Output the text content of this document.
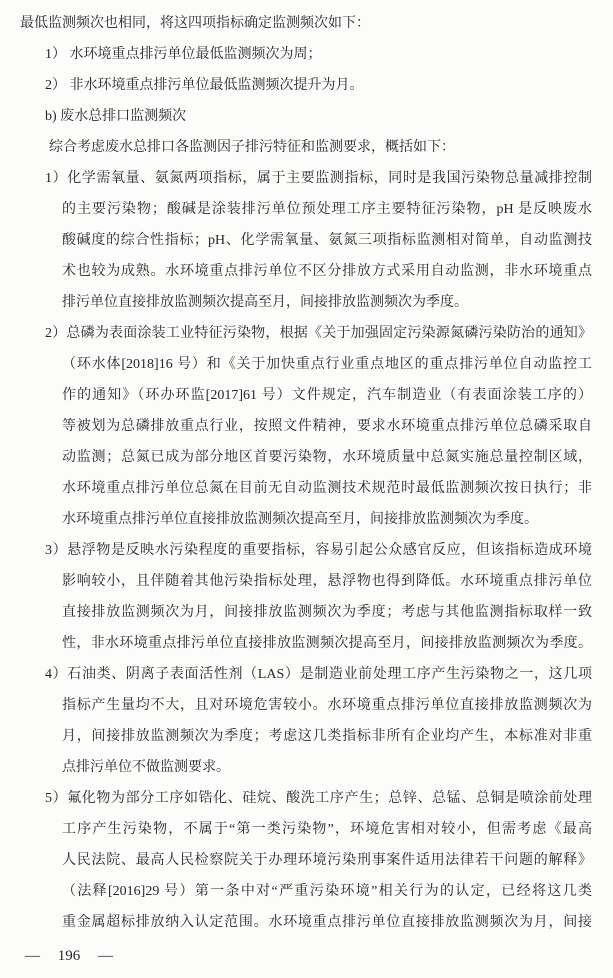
最低监测频次也相同，将这四项指标确定监测频次如下：
1） 水环境重点排污单位最低监测频次为周；
2） 非水环境重点排污单位最低监测频次提升为月。
b) 废水总排口监测频次
综合考虑废水总排口各监测因子排污特征和监测要求，概括如下：
1）化学需氧量、氨氮两项指标，属于主要监测指标，同时是我国污染物总量减排控制
的主要污染物；酸碱是涂装排污单位预处理工序主要特征污染物，pH 是反映废水
酸碱度的综合性指标；pH、化学需氧量、氨氮三项指标监测相对简单，自动监测技
术也较为成熟。水环境重点排污单位不区分排放方式采用自动监测，非水环境重点
排污单位直接排放监测频次提高至月，间接排放监测频次为季度。
2）总磷为表面涂装工业特征污染物，根据《关于加强固定污染源氮磷污染防治的通知》
（环水体[2018]16 号）和《关于加快重点行业重点地区的重点排污单位自动监控工
作的通知》（环办环监[2017]61 号）文件规定，汽车制造业（有表面涂装工序的）
等被划为总磷排放重点行业，按照文件精神，要求水环境重点排污单位总磷采取自
动监测；总氮已成为部分地区首要污染物，水环境质量中总氮实施总量控制区域，
水环境重点排污单位总氮在目前无自动监测技术规范时最低监测频次按日执行；非
水环境重点排污单位直接排放监测频次提高至月，间接排放监测频次为季度。
3）悬浮物是反映水污染程度的重要指标，容易引起公众感官反应，但该指标造成环境
影响较小，且伴随着其他污染指标处理，悬浮物也得到降低。水环境重点排污单位
直接排放监测频次为月，间接排放监测频次为季度；考虑与其他监测指标取样一致
性，非水环境重点排污单位直接排放监测频次提高至月，间接排放监测频次为季度。
4）石油类、阴离子表面活性剂（LAS）是制造业前处理工序产生污染物之一，这几项
指标产生量均不大，且对环境危害较小。水环境重点排污单位直接排放监测频次为
月，间接排放监测频次为季度；考虑这几类指标非所有企业均产生，本标准对非重
点排污单位不做监测要求。
5）氟化物为部分工序如锆化、硅烷、酸洗工序产生；总锌、总锰、总铜是喷涂前处理
工序产生污染物，不属于“第一类污染物”，环境危害相对较小，但需考虑《最高
人民法院、最高人民检察院关于办理环境污染刑事案件适用法律若干问题的解释》
（法释[2016]29 号）第一条中对“严重污染环境”相关行为的认定，已经将这几类
重金属超标排放纳入认定范围。水环境重点排污单位直接排放监测频次为月，间接
— 196 —
